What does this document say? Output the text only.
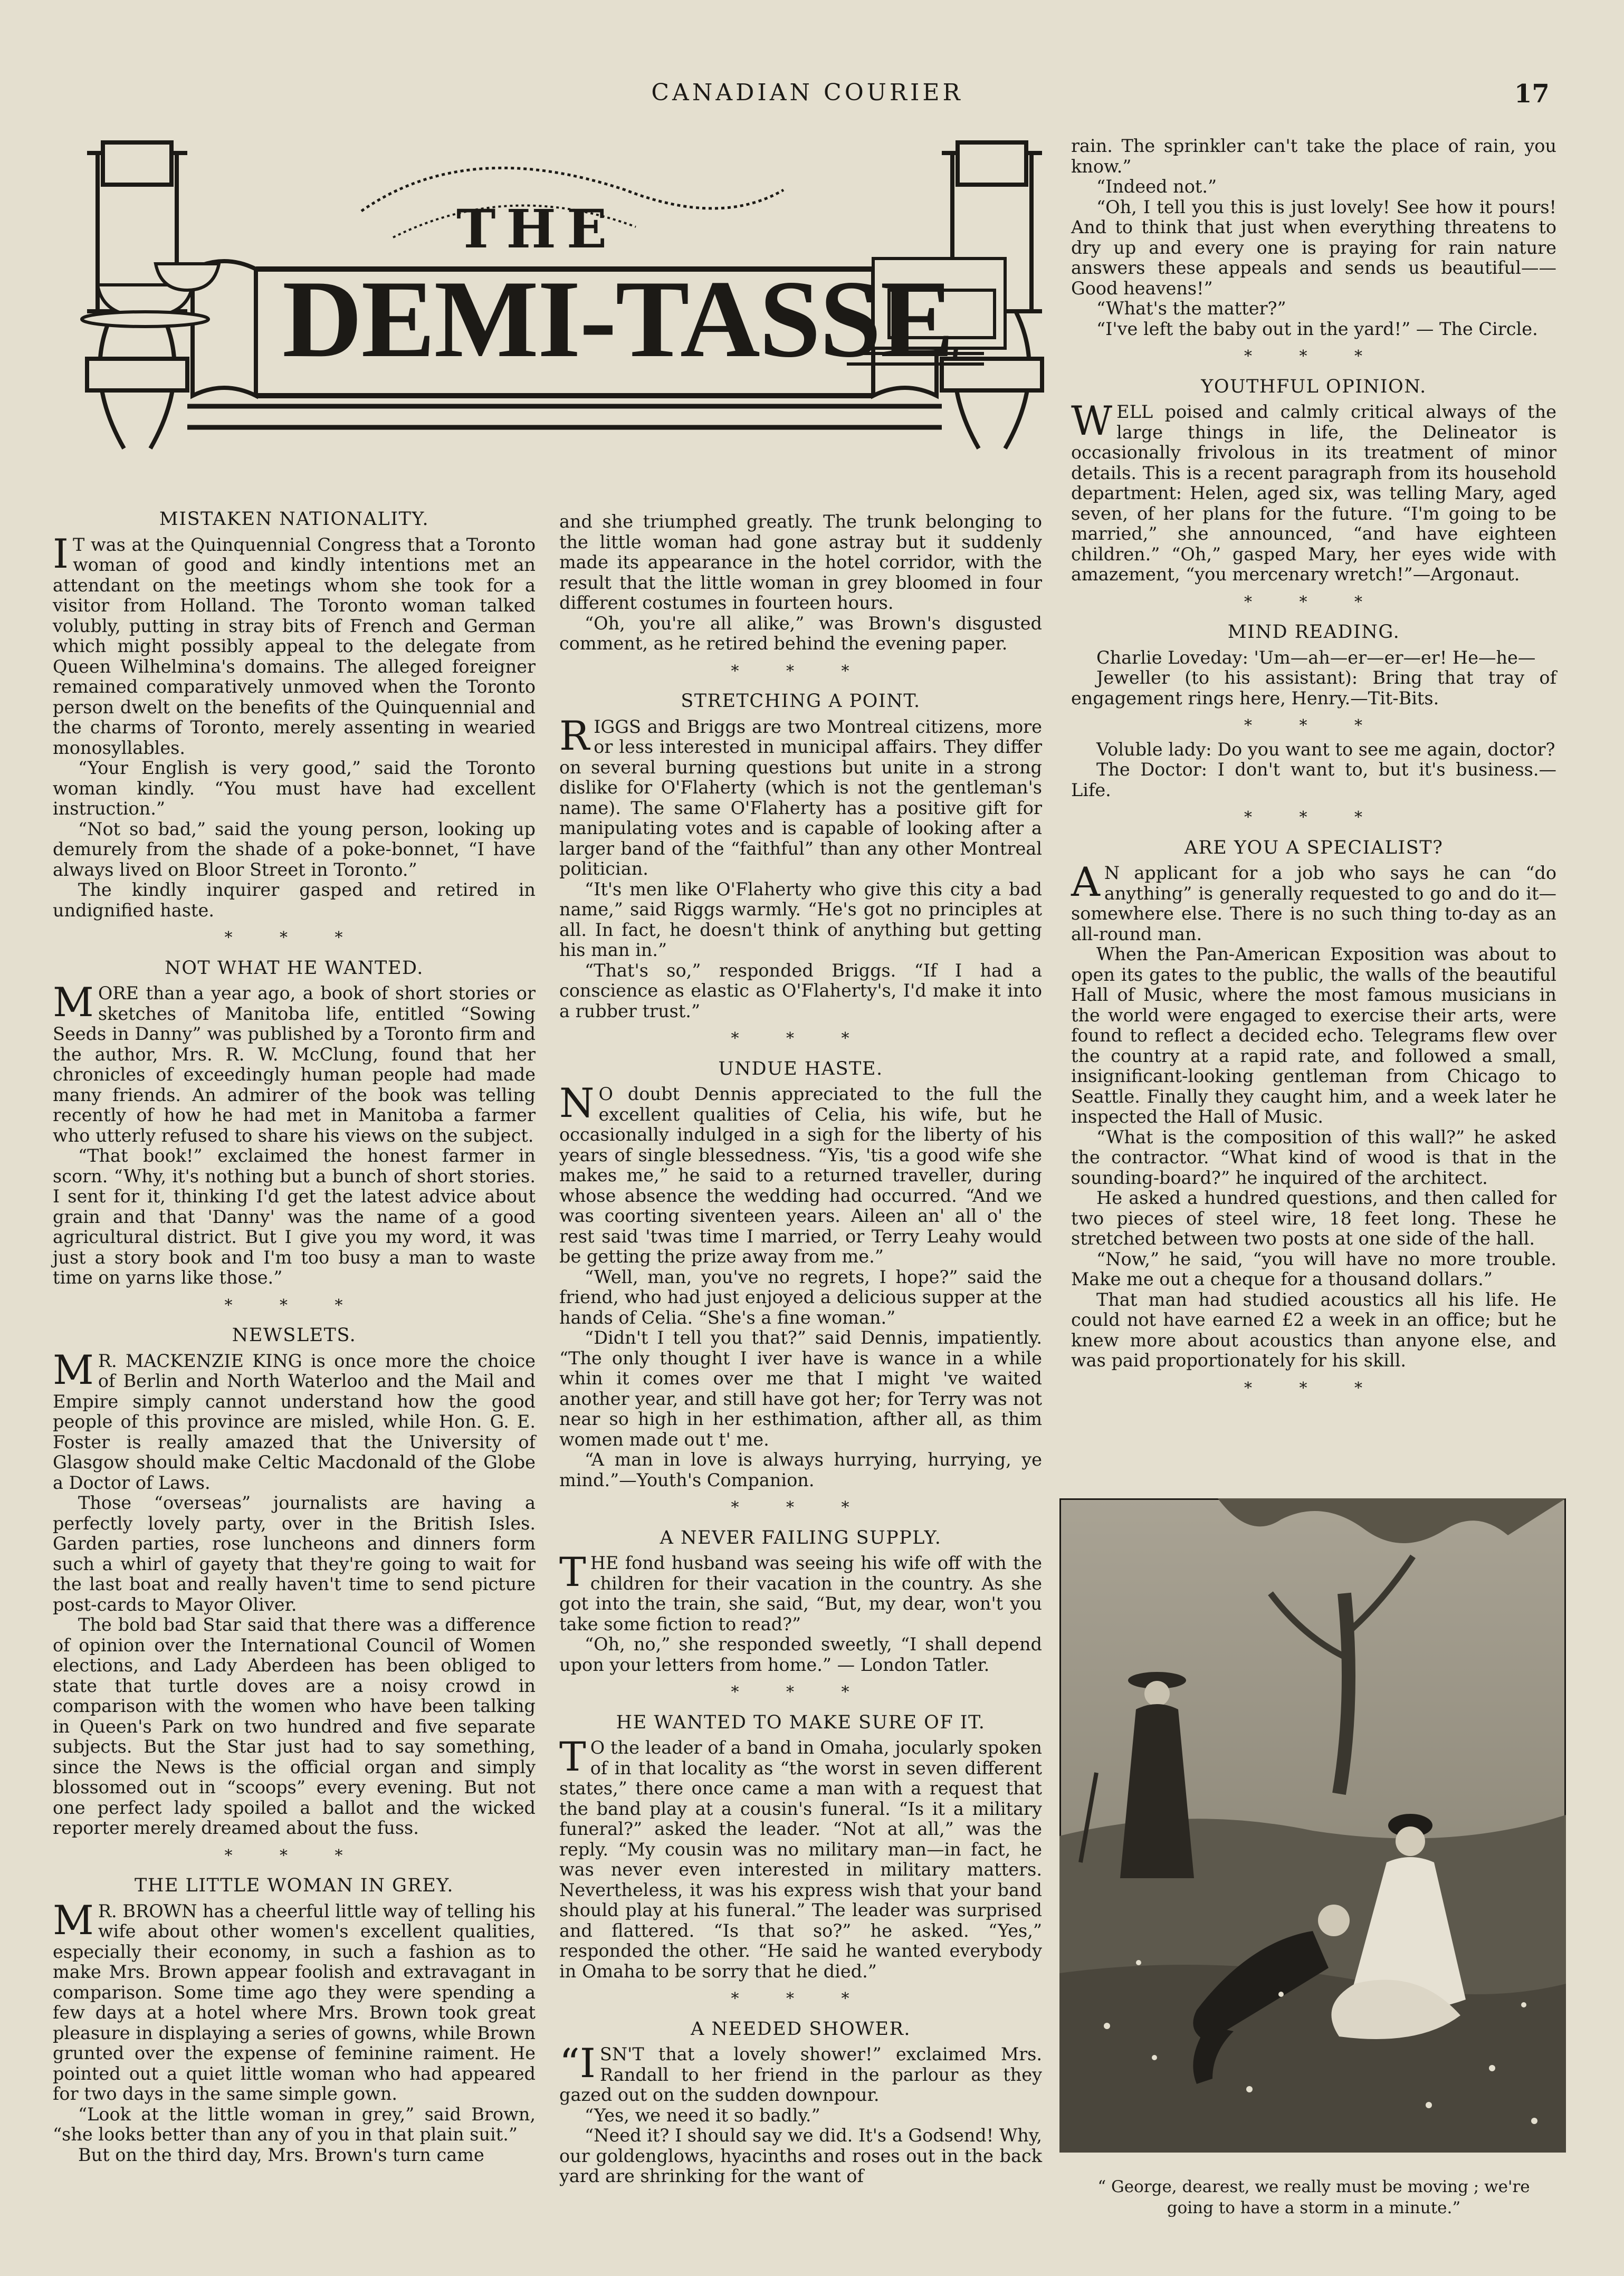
CANADIAN COURIER	17
THE
DEMI-TASSE
MISTAKEN NATIONALITY.

I T was at the Quinquennial Congress that a Toronto woman of good and kindly intentions met an attendant on the meetings whom she took for a visitor from Holland. The Toronto woman talked volubly, putting in stray bits of French and German which might possibly appeal to the delegate from Queen Wilhelmina's domains. The alleged foreigner remained comparatively unmoved when the Toronto person dwelt on the benefits of the Quinquennial and the charms of Toronto, merely assenting in wearied monosyllables.

“Your English is very good,” said the Toronto woman kindly. “You must have had excellent instruction.”

“Not so bad,” said the young person, looking up demurely from the shade of a poke-bonnet, “I have always lived on Bloor Street in Toronto.”

The kindly inquirer gasped and retired in undignified haste.

* * *
NOT WHAT HE WANTED.

MORE than a year ago, a book of short stories or sketches of Manitoba life, entitled “Sowing Seeds in Danny” was published by a Toronto firm and the author, Mrs. R. W. McClung, found that her chronicles of exceedingly human people had made many friends. An admirer of the book was telling recently of how he had met in Manitoba a farmer who utterly refused to share his views on the subject.

“That book!” exclaimed the honest farmer in scorn. “Why, it's nothing but a bunch of short stories. I sent for it, thinking I'd get the latest advice about grain and that 'Danny' was the name of a good agricultural district. But I give you my word, it was just a story book and I'm too busy a man to waste time on yarns like those.”

* * *
NEWSLETS.

M R. MACKENZIE KING is once more the choice of Berlin and North Waterloo and the Mail and Empire simply cannot understand how the good people of this province are misled, while Hon. G. E. Foster is really amazed that the University of Glasgow should make Celtic Macdonald of the Globe a Doctor of Laws.

Those “overseas” journalists are having a perfectly lovely party, over in the British Isles. Garden parties, rose luncheons and dinners form such a whirl of gayety that they're going to wait for the last boat and really haven't time to send picture post-cards to Mayor Oliver.

The bold bad Star said that there was a difference of opinion over the International Council of Women elections, and Lady Aberdeen has been obliged to state that turtle doves are a noisy crowd in comparison with the women who have been talking in Queen's Park on two hundred and five separate subjects. But the Star just had to say something, since the News is the official organ and simply blossomed out in “scoops” every evening. But not one perfect lady spoiled a ballot and the wicked reporter merely dreamed about the fuss.

* * *
THE LITTLE WOMAN IN GREY.

M R. BROWN has a cheerful little way of telling his wife about other women's excellent qualities, especially their economy, in such a fashion as to make Mrs. Brown appear foolish and extravagant in comparison. Some time ago they were spending a few days at a hotel where Mrs. Brown took great pleasure in displaying a series of gowns, while Brown grunted over the expense of feminine raiment. He pointed out a quiet little woman who had appeared for two days in the same simple gown.

“Look at the little woman in grey,” said Brown, “she looks better than any of you in that plain suit.”

But on the third day, Mrs. Brown's turn came

and she triumphed greatly. The trunk belonging to the little woman had gone astray but it suddenly made its appearance in the hotel corridor, with the result that the little woman in grey bloomed in four different costumes in fourteen hours.

“Oh, you're all alike,” was Brown's disgusted comment, as he retired behind the evening paper.

* * *
STRETCHING A POINT.

RIGGS and Briggs are two Montreal citizens, more or less interested in municipal affairs. They differ on several burning questions but unite in a strong dislike for O'Flaherty (which is not the gentleman's name). The same O'Flaherty has a positive gift for manipulating votes and is capable of looking after a larger band of the “faithful” than any other Montreal politician.

“It's men like O'Flaherty who give this city a bad name,” said Riggs warmly. “He's got no principles at all. In fact, he doesn't think of anything but getting his man in.”

“That's so,” responded Briggs. “If I had a conscience as elastic as O'Flaherty's, I'd make it into a rubber trust.”

* * *
UNDUE HASTE.

N O doubt Dennis appreciated to the full the excellent qualities of Celia, his wife, but he occasionally indulged in a sigh for the liberty of his years of single blessedness. “Yis, 'tis a good wife she makes me,” he said to a returned traveller, during whose absence the wedding had occurred. “And we was coorting siventeen years. Aileen an' all o' the rest said 'twas time I married, or Terry Leahy would be getting the prize away from me.”

“Well, man, you've no regrets, I hope?” said the friend, who had just enjoyed a delicious supper at the hands of Celia. “She's a fine woman.”

“Didn't I tell you that?” said Dennis, impatiently. “The only thought I iver have is wance in a while whin it comes over me that I might 've waited another year, and still have got her; for Terry was not near so high in her esthimation, afther all, as thim women made out t' me.

“A man in love is always hurrying, hurrying, ye mind.”—Youth's Companion.

* * *
A NEVER FAILING SUPPLY.

THE fond husband was seeing his wife off with the children for their vacation in the country. As she got into the train, she said, “But, my dear, won't you take some fiction to read?”

“Oh, no,” she responded sweetly, “I shall depend upon your letters from home.” — London Tatler.

* * *
HE WANTED TO MAKE SURE OF IT.

T O the leader of a band in Omaha, jocularly spoken of in that locality as “the worst in seven different states,” there once came a man with a request that the band play at a cousin's funeral. “Is it a military funeral?” asked the leader. “Not at all,” was the reply. “My cousin was no military man—in fact, he was never even interested in military matters. Nevertheless, it was his express wish that your band should play at his funeral.” The leader was surprised and flattered. “Is that so?” he asked. “Yes,” responded the other. “He said he wanted everybody in Omaha to be sorry that he died.”

* * *
A NEEDED SHOWER.

“ISN'T that a lovely shower!” exclaimed Mrs. Randall to her friend in the parlour as they gazed out on the sudden downpour.

“Yes, we need it so badly.”

“Need it? I should say we did. It's a Godsend! Why, our goldenglows, hyacinths and roses out in the back yard are shrinking for the want of

rain. The sprinkler can't take the place of rain, you know.”

“Indeed not.”

“Oh, I tell you this is just lovely! See how it pours! And to think that just when everything threatens to dry up and every one is praying for rain nature answers these appeals and sends us beautiful—— Good heavens!”

“What's the matter?”

“I've left the baby out in the yard!” — The Circle.

* * *
YOUTHFUL OPINION.

WELL poised and calmly critical always of the large things in life, the Delineator is occasionally frivolous in its treatment of minor details. This is a recent paragraph from its household department: Helen, aged six, was telling Mary, aged seven, of her plans for the future. “I'm going to be married,” she announced, “and have eighteen children.” “Oh,” gasped Mary, her eyes wide with amazement, “you mercenary wretch!”—Argonaut.

* * *
MIND READING.

Charlie Loveday: 'Um—ah—er—er—er! He—he—

Jeweller (to his assistant): Bring that tray of engagement rings here, Henry.—Tit-Bits.

* * *

Voluble lady: Do you want to see me again, doctor?

The Doctor: I don't want to, but it's business.—Life.

* * *
ARE YOU A SPECIALIST?

A N applicant for a job who says he can “do anything” is generally requested to go and do it—somewhere else. There is no such thing to-day as an all-round man.

When the Pan-American Exposition was about to open its gates to the public, the walls of the beautiful Hall of Music, where the most famous musicians in the world were engaged to exercise their arts, were found to reflect a decided echo. Telegrams flew over the country at a rapid rate, and followed a small, insignificant-looking gentleman from Chicago to Seattle. Finally they caught him, and a week later he inspected the Hall of Music.

“What is the composition of this wall?” he asked the contractor. “What kind of wood is that in the sounding-board?” he inquired of the architect.

He asked a hundred questions, and then called for two pieces of steel wire, 18 feet long. These he stretched between two posts at one side of the hall.

“Now,” he said, “you will have no more trouble. Make me out a cheque for a thousand dollars.”

That man had studied acoustics all his life. He could not have earned £2 a week in an office; but he knew more about acoustics than anyone else, and was paid proportionately for his skill.

* * *
“ George, dearest, we really must be moving ; we're going to have a storm in a minute.”
